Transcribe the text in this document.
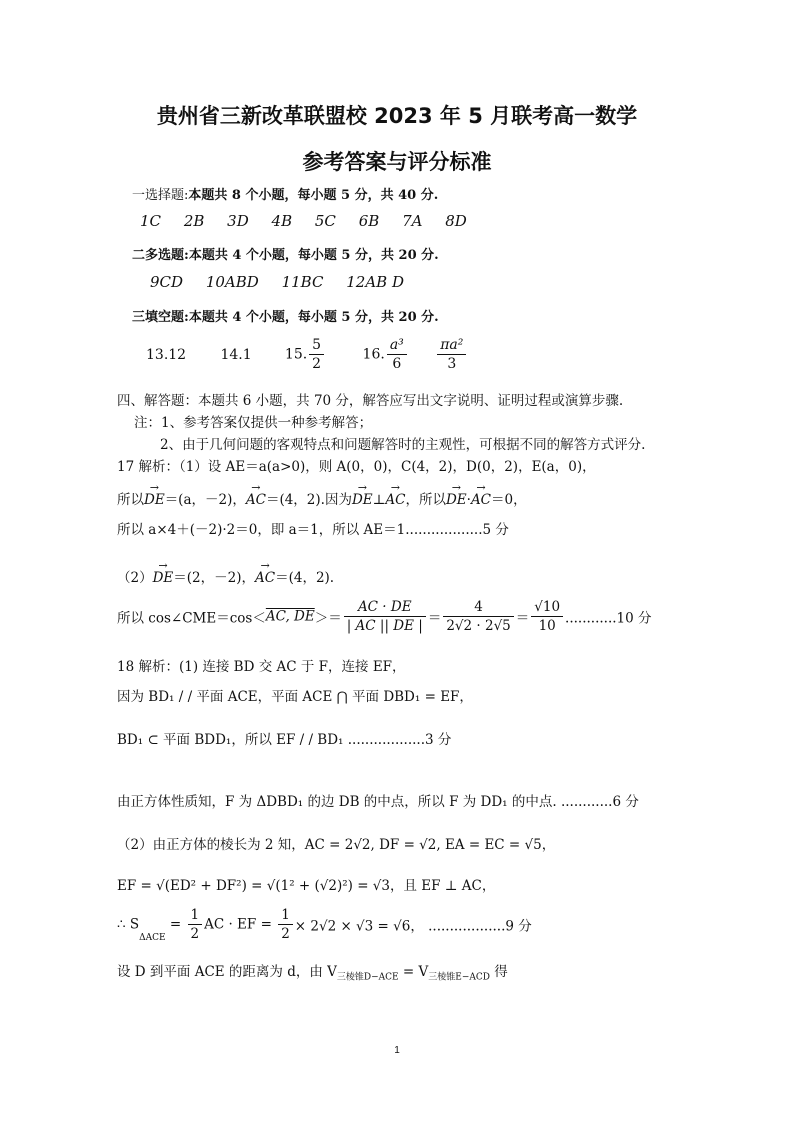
贵州省三新改革联盟校 2023 年 5 月联考高一数学
参考答案与评分标准
一选择题:本题共 8 个小题，每小题 5 分，共 40 分.
1C 2B 3D 4B 5C 6B 7A 8D
二多选题:本题共 4 个小题，每小题 5 分，共 20 分.
9CD 10ABD 11BC 12AB D
三填空题:本题共 4 个小题，每小题 5 分，共 20 分.
13.12 14.1 15. $\frac{5}{2}$	16. $\frac{\text{a³}}{6}$
$\frac{\text{πa²}}{3}$
四、解答题：本题共 6 小题，共 70 分，解答应写出文字说明、证明过程或演算步骤.
注：1、参考答案仅提供一种参考解答；
2、由于几何问题的客观特点和问题解答时的主观性，可根据不同的解答方式评分.
17 解析：（1）设 AE＝a(a>0)，则 A(0，0)，C(4，2)，D(0，2)，E(a，0)，
所以→ DE＝(a，－2)，→ AC＝(4，2).因为→ DE⊥→ AC，所以→ DE·→ AC＝0，
所以 a×4＋(－2)·2＝0，即 a＝1，所以 AE＝1..................5 分
（2）→ DE＝(2，－2)，→ AC＝(4，2).
所以 cos∠CME＝cos＜AC, $DE>= \frac{AC \cdot DE}{| AC || DE |} = \frac{4}{2√2 \cdot 2√5} = \frac{√10}{10} ............10$ 分
18 解析：(1) 连接 BD 交 AC 于 F，连接 EF，
因为 BD₁ / / 平面 ACE，平面 ACE ⋂ 平面 DBD₁ = EF，
BD₁ ⊂ 平面 BDD₁，所以 EF / / BD₁ ..................3 分
由正方体性质知，F 为 ΔDBD₁ 的边 DB 的中点，所以 F 为 DD₁ 的中点. ............6 分
（2）由正方体的棱长为 2 知，AC = 2√2, DF = √2, EA = EC = √5，
EF = √(ED² + DF²) = √(1² + (√2)²) = √3，且 EF ⊥ AC，
∴ $S_{\Delta ACE} = \frac{1}{2}$ AC · EF = $\frac{1}{2} \times 2√2 \times √3 = √6$， ..................9 分
设 D 到平面 ACE 的距离为 d，由 $V_{三棱锥D-ACE} = V_{三棱锥E-ACD}$ 得
1
